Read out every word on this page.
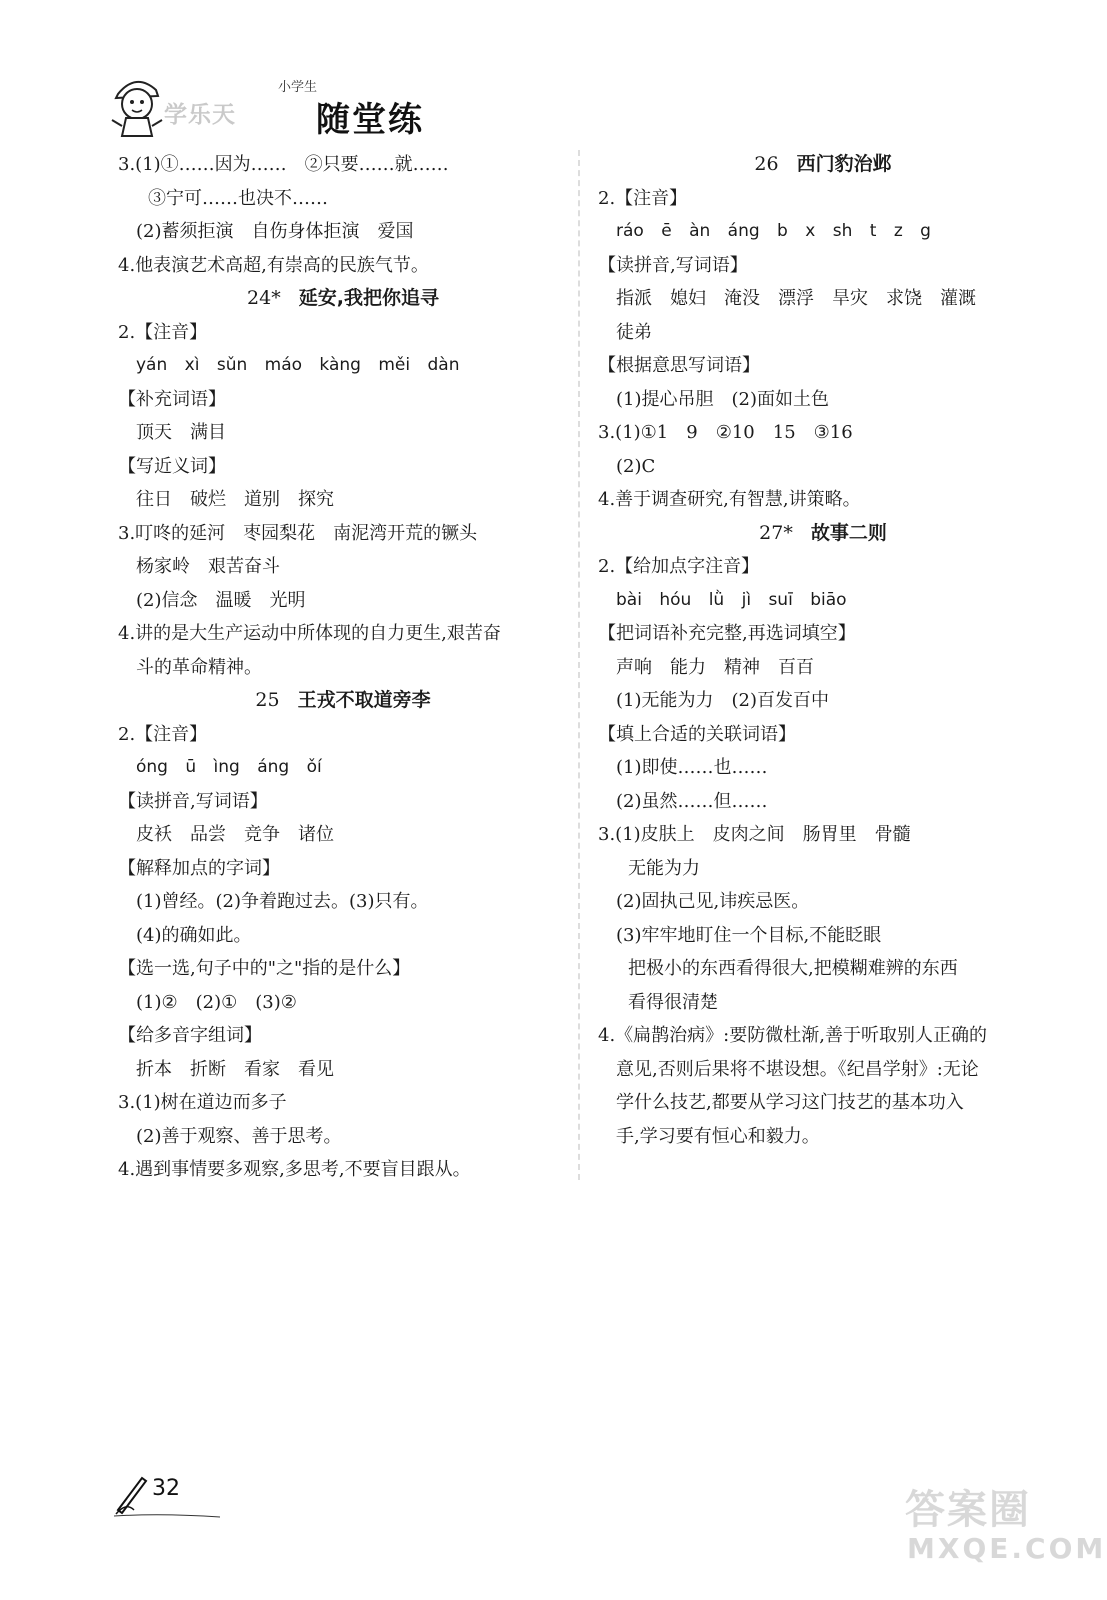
学乐天
小学生
随堂练
3.(1)①……因为……　②只要……就……
③宁可……也决不……
(2)蓄须拒演　自伤身体拒演　爱国
4.他表演艺术高超,有崇高的民族气节。
24* 延安,我把你追寻
2.【注音】
yán xì sǔn máo kàng měi dàn
【补充词语】
顶天　满目
【写近义词】
往日　破烂　道别　探究
3.叮咚的延河　枣园梨花　南泥湾开荒的镢头
杨家岭　艰苦奋斗
(2)信念　温暖　光明
4.讲的是大生产运动中所体现的自力更生,艰苦奋
斗的革命精神。
25 王戎不取道旁李
2.【注音】
óng ū ìng áng ǒí
【读拼音,写词语】
皮袄　品尝　竞争　诸位
【解释加点的字词】
(1)曾经。(2)争着跑过去。(3)只有。
(4)的确如此。
【选一选,句子中的"之"指的是什么】
(1)②　(2)①　(3)②
【给多音字组词】
折本　折断　看家　看见
3.(1)树在道边而多子
(2)善于观察、善于思考。
4.遇到事情要多观察,多思考,不要盲目跟从。
26 西门豹治邺
2.【注音】
ráo ē àn áng b x sh t z g
【读拼音,写词语】
指派　媳妇　淹没　漂浮　旱灾　求饶　灌溉
徒弟
【根据意思写词语】
(1)提心吊胆　(2)面如土色
3.(1)①1　9　②10　15　③16
(2)C
4.善于调查研究,有智慧,讲策略。
27* 故事二则
2.【给加点字注音】
bài hóu lǜ jì suī biāo
【把词语补充完整,再选词填空】
声响　能力　精神　百百
(1)无能为力　(2)百发百中
【填上合适的关联词语】
(1)即使……也……
(2)虽然……但……
3.(1)皮肤上　皮肉之间　肠胃里　骨髓
无能为力
(2)固执己见,讳疾忌医。
(3)牢牢地盯住一个目标,不能眨眼
把极小的东西看得很大,把模糊难辨的东西
看得很清楚
4.《扁鹊治病》:要防微杜渐,善于听取别人正确的
意见,否则后果将不堪设想。《纪昌学射》:无论
学什么技艺,都要从学习这门技艺的基本功入
手,学习要有恒心和毅力。
32	答案圈
MXQE.COM
